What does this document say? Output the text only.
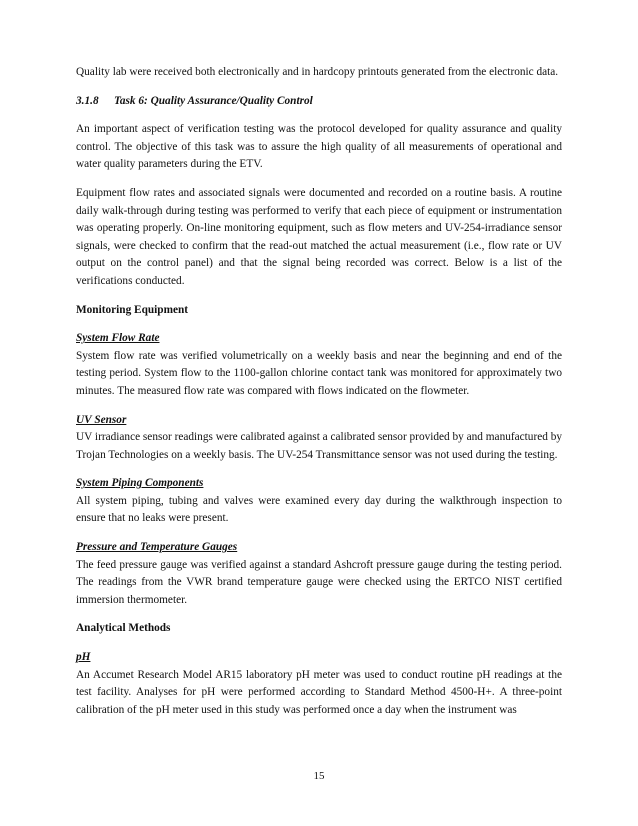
Quality lab were received both electronically and in hardcopy printouts generated from the electronic data.

3.1.8 Task 6: Quality Assurance/Quality Control

An important aspect of verification testing was the protocol developed for quality assurance and quality control. The objective of this task was to assure the high quality of all measurements of operational and water quality parameters during the ETV.

Equipment flow rates and associated signals were documented and recorded on a routine basis. A routine daily walk-through during testing was performed to verify that each piece of equipment or instrumentation was operating properly. On-line monitoring equipment, such as flow meters and UV-254-irradiance sensor signals, were checked to confirm that the read-out matched the actual measurement (i.e., flow rate or UV output on the control panel) and that the signal being recorded was correct. Below is a list of the verifications conducted.

Monitoring Equipment

System Flow Rate

System flow rate was verified volumetrically on a weekly basis and near the beginning and end of the testing period. System flow to the 1100-gallon chlorine contact tank was monitored for approximately two minutes. The measured flow rate was compared with flows indicated on the flowmeter.

UV Sensor

UV irradiance sensor readings were calibrated against a calibrated sensor provided by and manufactured by Trojan Technologies on a weekly basis. The UV-254 Transmittance sensor was not used during the testing.

System Piping Components

All system piping, tubing and valves were examined every day during the walkthrough inspection to ensure that no leaks were present.

Pressure and Temperature Gauges

The feed pressure gauge was verified against a standard Ashcroft pressure gauge during the testing period. The readings from the VWR brand temperature gauge were checked using the ERTCO NIST certified immersion thermometer.

Analytical Methods

pH

An Accumet Research Model AR15 laboratory pH meter was used to conduct routine pH readings at the test facility. Analyses for pH were performed according to Standard Method 4500-H+. A three-point calibration of the pH meter used in this study was performed once a day when the instrument was

15
